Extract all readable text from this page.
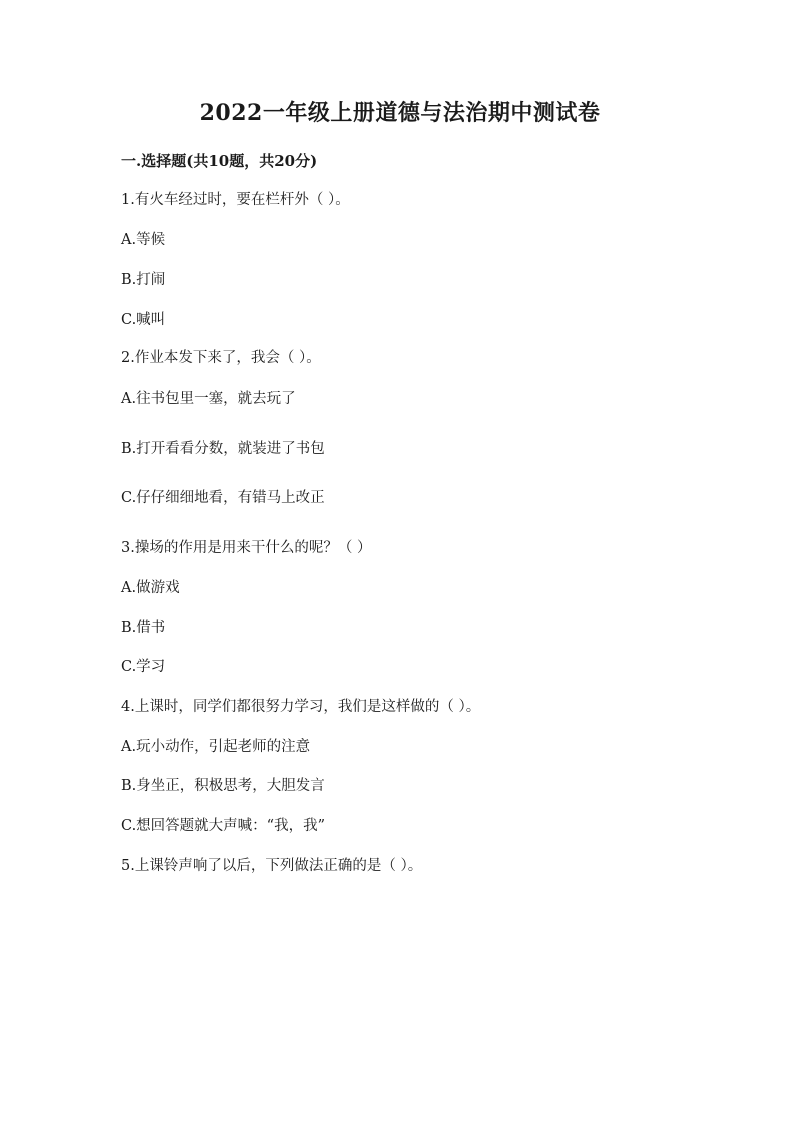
2022一年级上册道德与法治期中测试卷
一.选择题(共10题，共20分)
1.有火车经过时，要在栏杆外（ ）。
A.等候
B.打闹
C.喊叫
2.作业本发下来了，我会（ ）。
A.往书包里一塞，就去玩了
B.打开看看分数，就装进了书包
C.仔仔细细地看，有错马上改正
3.操场的作用是用来干什么的呢？（ ）
A.做游戏
B.借书
C.学习
4.上课时，同学们都很努力学习，我们是这样做的（ ）。
A.玩小动作，引起老师的注意
B.身坐正，积极思考，大胆发言
C.想回答题就大声喊：“我，我”
5.上课铃声响了以后，下列做法正确的是（ ）。
